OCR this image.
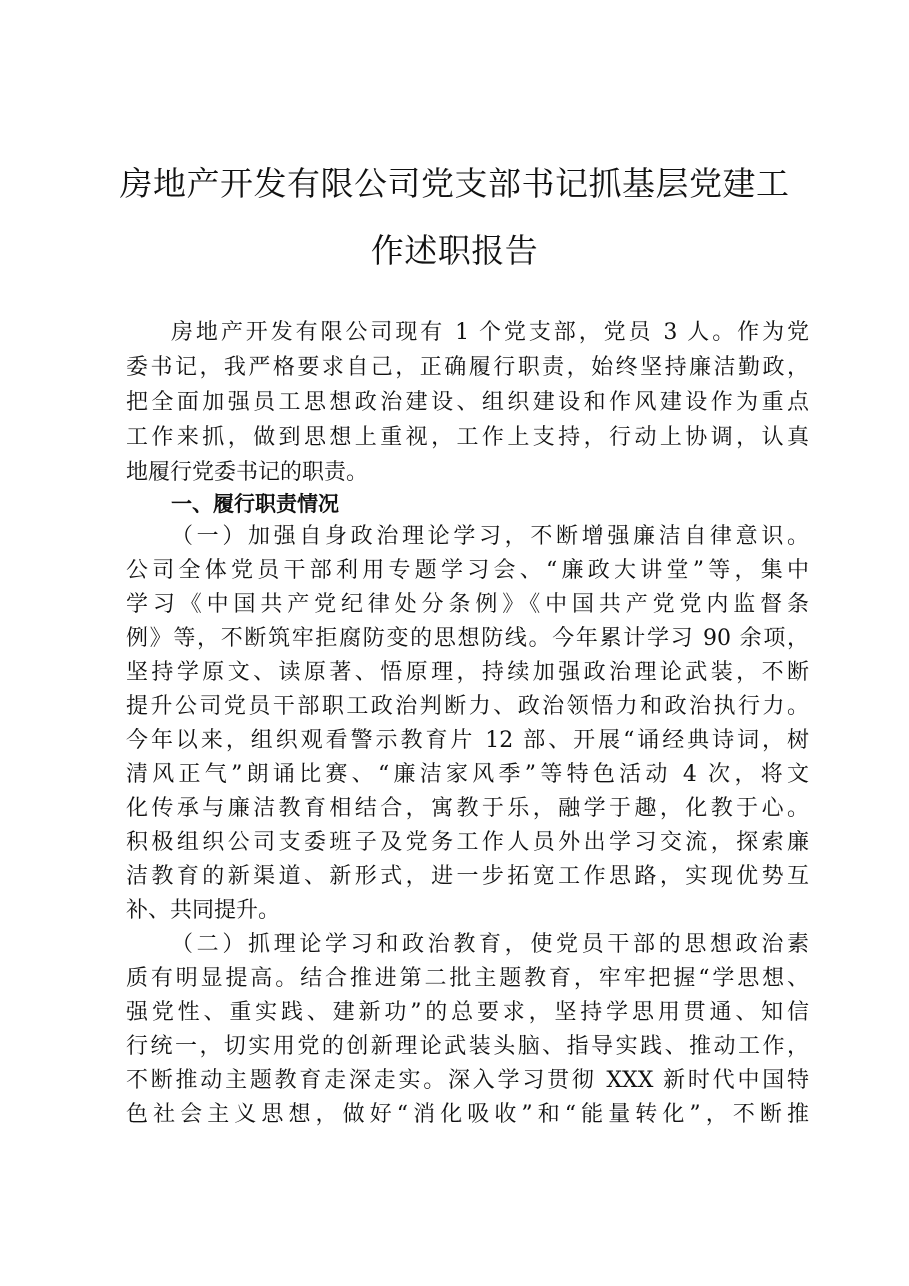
房地产开发有限公司党支部书记抓基层党建工
作述职报告
房地产开发有限公司现有 1 个党支部，党员 3 人。作为党
委书记，我严格要求自己，正确履行职责，始终坚持廉洁勤政，
把全面加强员工思想政治建设、组织建设和作风建设作为重点
工作来抓，做到思想上重视，工作上支持，行动上协调，认真
地履行党委书记的职责。
一、履行职责情况
（一）加强自身政治理论学习，不断增强廉洁自律意识。
公司全体党员干部利用专题学习会、“廉政大讲堂”等，集中
学习《中国共产党纪律处分条例》《中国共产党党内监督条
例》等，不断筑牢拒腐防变的思想防线。今年累计学习 90 余项，
坚持学原文、读原著、悟原理，持续加强政治理论武装，不断
提升公司党员干部职工政治判断力、政治领悟力和政治执行力。
今年以来，组织观看警示教育片 12 部、开展“诵经典诗词，树
清风正气”朗诵比赛、“廉洁家风季”等特色活动 4 次，将文
化传承与廉洁教育相结合，寓教于乐，融学于趣，化教于心。
积极组织公司支委班子及党务工作人员外出学习交流，探索廉
洁教育的新渠道、新形式，进一步拓宽工作思路，实现优势互
补、共同提升。
（二）抓理论学习和政治教育，使党员干部的思想政治素
质有明显提高。结合推进第二批主题教育，牢牢把握“学思想、
强党性、重实践、建新功”的总要求，坚持学思用贯通、知信
行统一，切实用党的创新理论武装头脑、指导实践、推动工作，
不断推动主题教育走深走实。深入学习贯彻 XXX 新时代中国特
色社会主义思想，做好“消化吸收”和“能量转化”，不断推
